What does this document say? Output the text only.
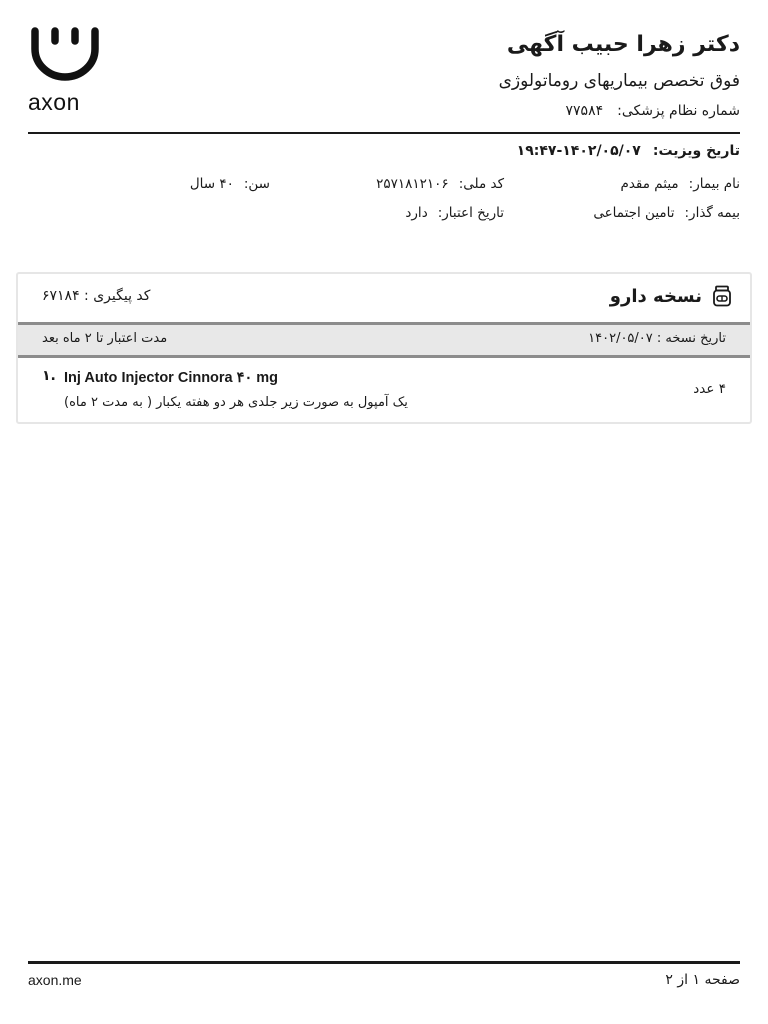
axon
دکتر زهرا حبیب آگهی
فوق تخصص بیماریهای روماتولوژی
شماره نظام پزشکی:۷۷۵۸۴
تاریخ ویزیت:۱۴۰۲/۰۵/۰۷-۱۹:۴۷
نام بیمار:میثم مقدم
کد ملی:۲۵۷۱۸۱۲۱۰۶
سن:۴۰ سال
بیمه گذار:تامین اجتماعی
تاریخ اعتبار:دارد
نسخه دارو
کد پیگیری : ۶۷۱۸۴
تاریخ نسخه : ۱۴۰۲/۰۵/۰۷
مدت اعتبار تا ۲ ماه بعد
۱. Inj Auto Injector Cinnora ۴۰ mg
یک آمپول به صورت زیر جلدی هر دو هفته یکبار ( به مدت ۲ ماه)
۴ عدد
axon.me	صفحه ۱ از ۲
